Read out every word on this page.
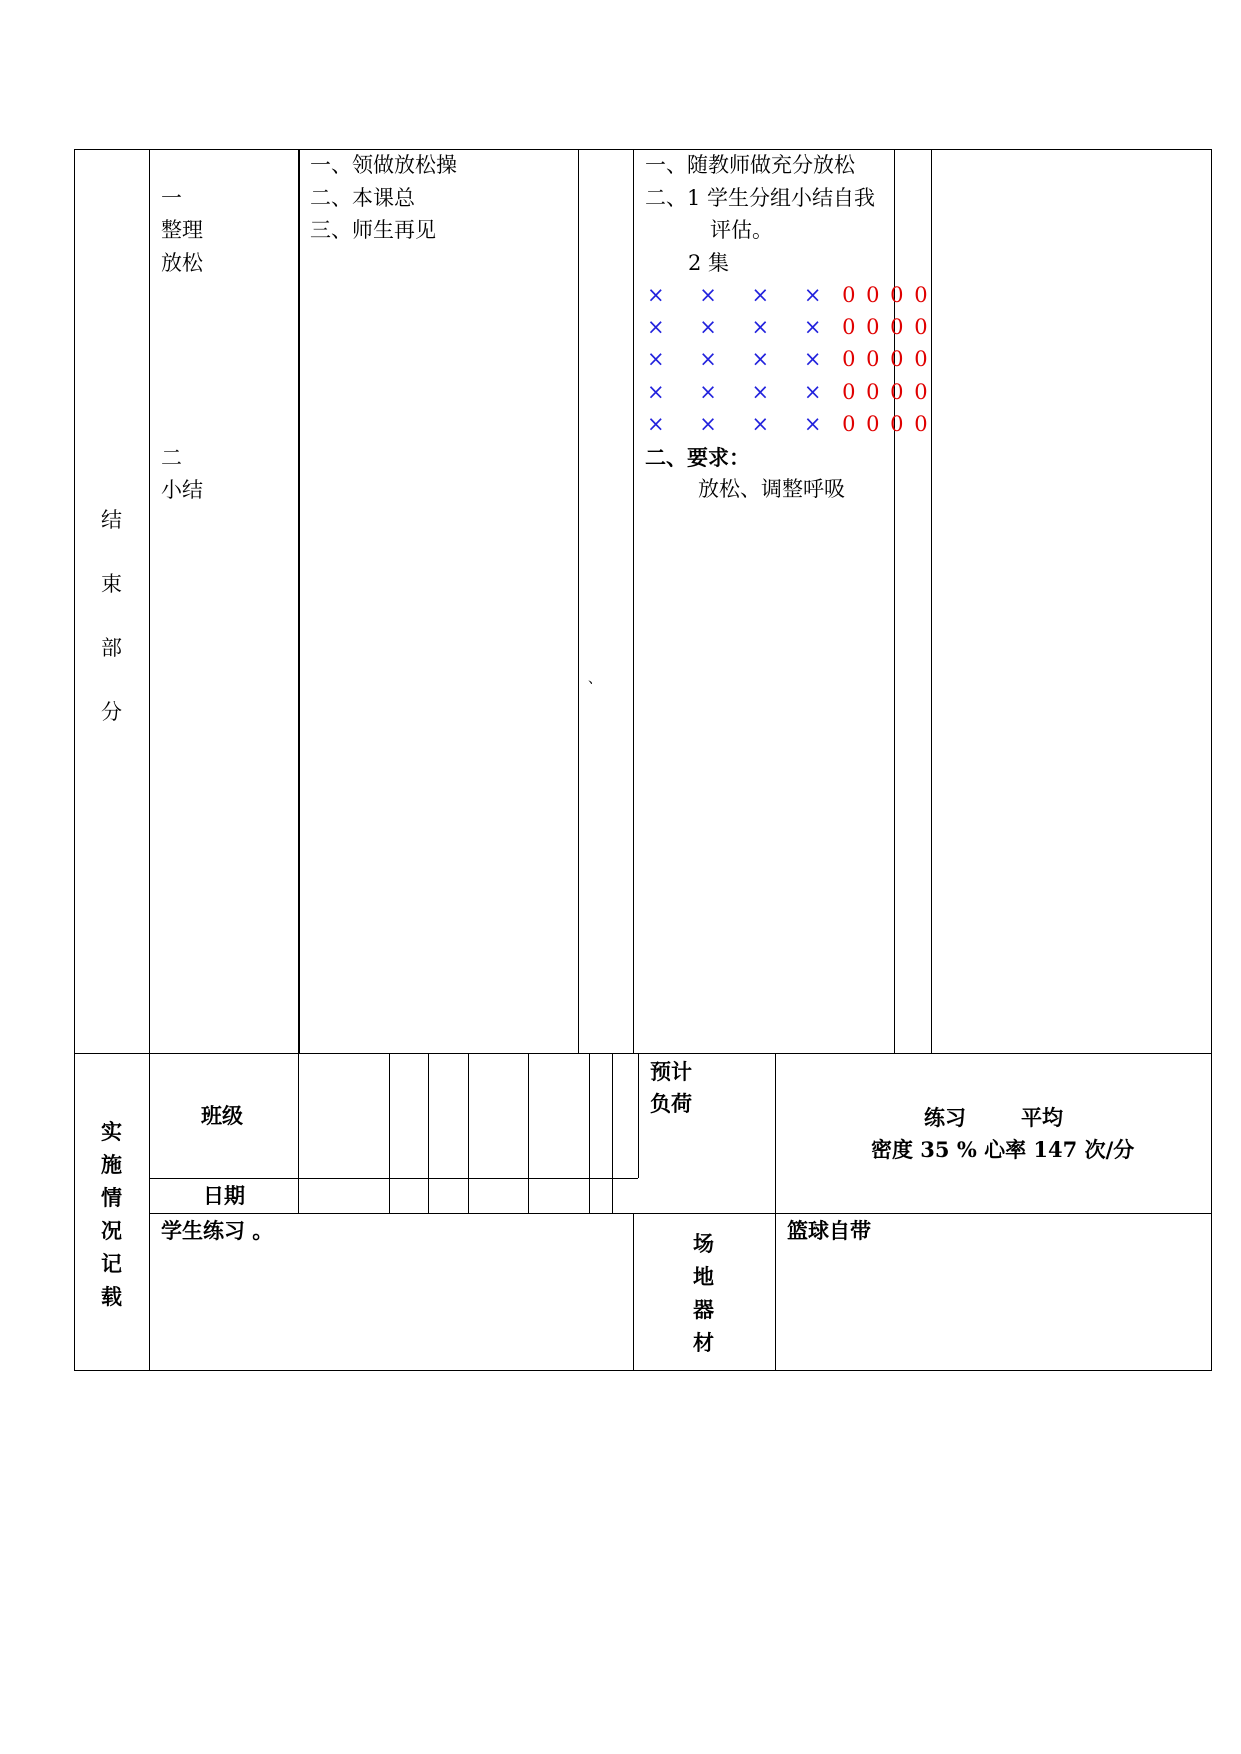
结
束
部
分
一
整理
放松
二
小结
一、领做放松操
二、本课总
三、师生再见
、
一、随教师做充分放松
二、1 学生分组小结自我
评估。
2 集
× × × × 0 0 0 0
× × × × 0 0 0 0
× × × × 0 0 0 0
× × × × 0 0 0 0
× × × × 0 0 0 0
二、要求：
放松、调整呼吸
实
施
情
况
记
载
班级
日期
预计
负荷
练习	平均
密度 35 % 心率 147 次/分
学生练习 。
场
地
器
材
篮球自带
